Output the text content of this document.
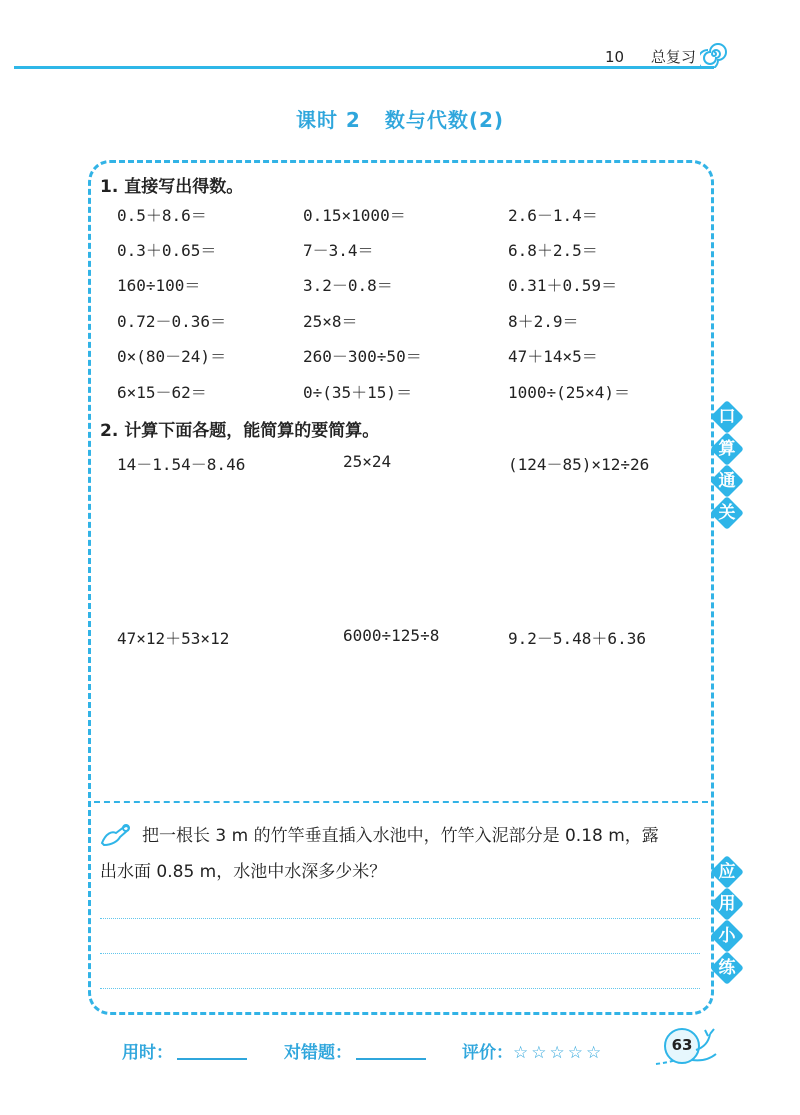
10 总复习
课时 2 数与代数(2)
1. 直接写出得数。
0.5＋8.6＝	0.15×1000＝	2.6－1.4＝
0.3＋0.65＝	7－3.4＝	6.8＋2.5＝
160÷100＝	3.2－0.8＝	0.31＋0.59＝
0.72－0.36＝	25×8＝	8＋2.9＝
0×(80－24)＝	260－300÷50＝	47＋14×5＝
6×15－62＝	0÷(35＋15)＝	1000÷(25×4)＝
2. 计算下面各题，能简算的要简算。
14－1.54－8.46	25×24	(124－85)×12÷26
47×12＋53×12	6000÷125÷8	9.2－5.48＋6.36
口
算
通
关
应
用
小
练
把一根长 3 m 的竹竿垂直插入水池中，竹竿入泥部分是 0.18 m，露
出水面 0.85 m，水池中水深多少米？
用时：	对错题：	评价：☆☆☆☆☆	63
